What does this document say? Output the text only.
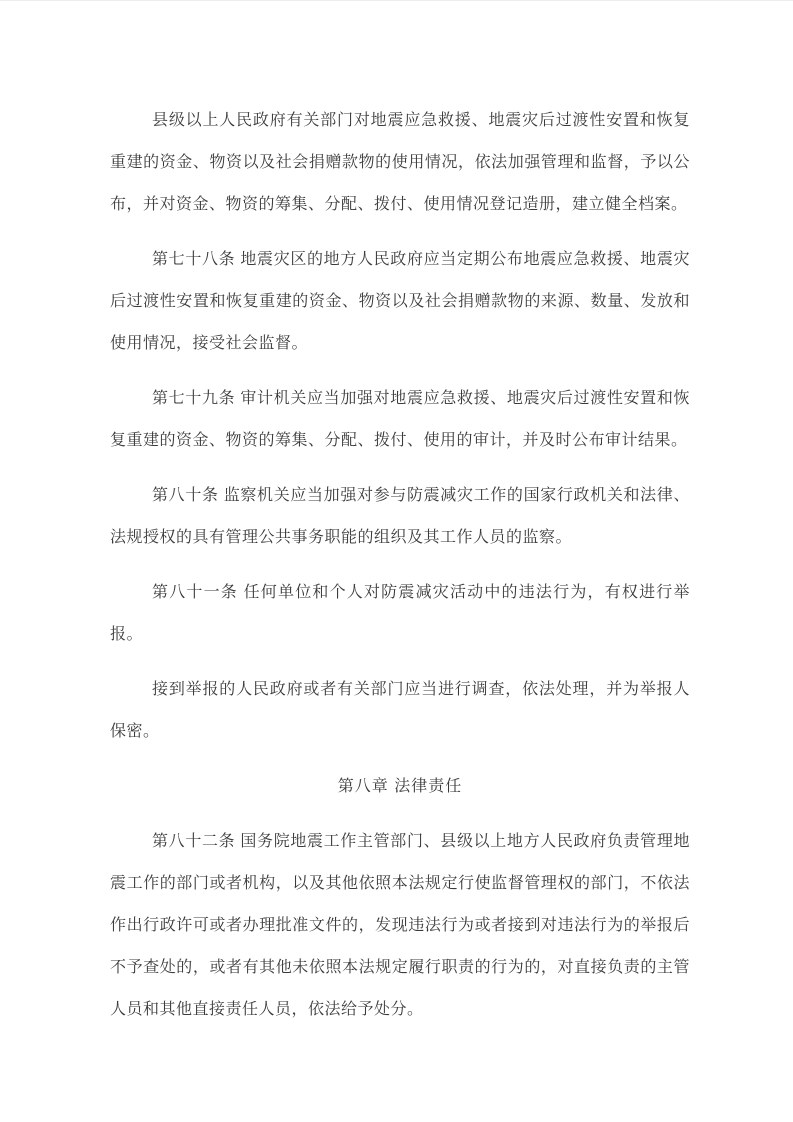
县级以上人民政府有关部门对地震应急救援、地震灾后过渡性安置和恢复重建的资金、物资以及社会捐赠款物的使用情况，依法加强管理和监督，予以公布，并对资金、物资的筹集、分配、拨付、使用情况登记造册，建立健全档案。

第七十八条 地震灾区的地方人民政府应当定期公布地震应急救援、地震灾后过渡性安置和恢复重建的资金、物资以及社会捐赠款物的来源、数量、发放和使用情况，接受社会监督。

第七十九条 审计机关应当加强对地震应急救援、地震灾后过渡性安置和恢复重建的资金、物资的筹集、分配、拨付、使用的审计，并及时公布审计结果。

第八十条 监察机关应当加强对参与防震减灾工作的国家行政机关和法律、法规授权的具有管理公共事务职能的组织及其工作人员的监察。

第八十一条 任何单位和个人对防震减灾活动中的违法行为，有权进行举报。

接到举报的人民政府或者有关部门应当进行调查，依法处理，并为举报人保密。

第八章 法律责任

第八十二条 国务院地震工作主管部门、县级以上地方人民政府负责管理地震工作的部门或者机构，以及其他依照本法规定行使监督管理权的部门，不依法作出行政许可或者办理批准文件的，发现违法行为或者接到对违法行为的举报后不予查处的，或者有其他未依照本法规定履行职责的行为的，对直接负责的主管人员和其他直接责任人员，依法给予处分。
